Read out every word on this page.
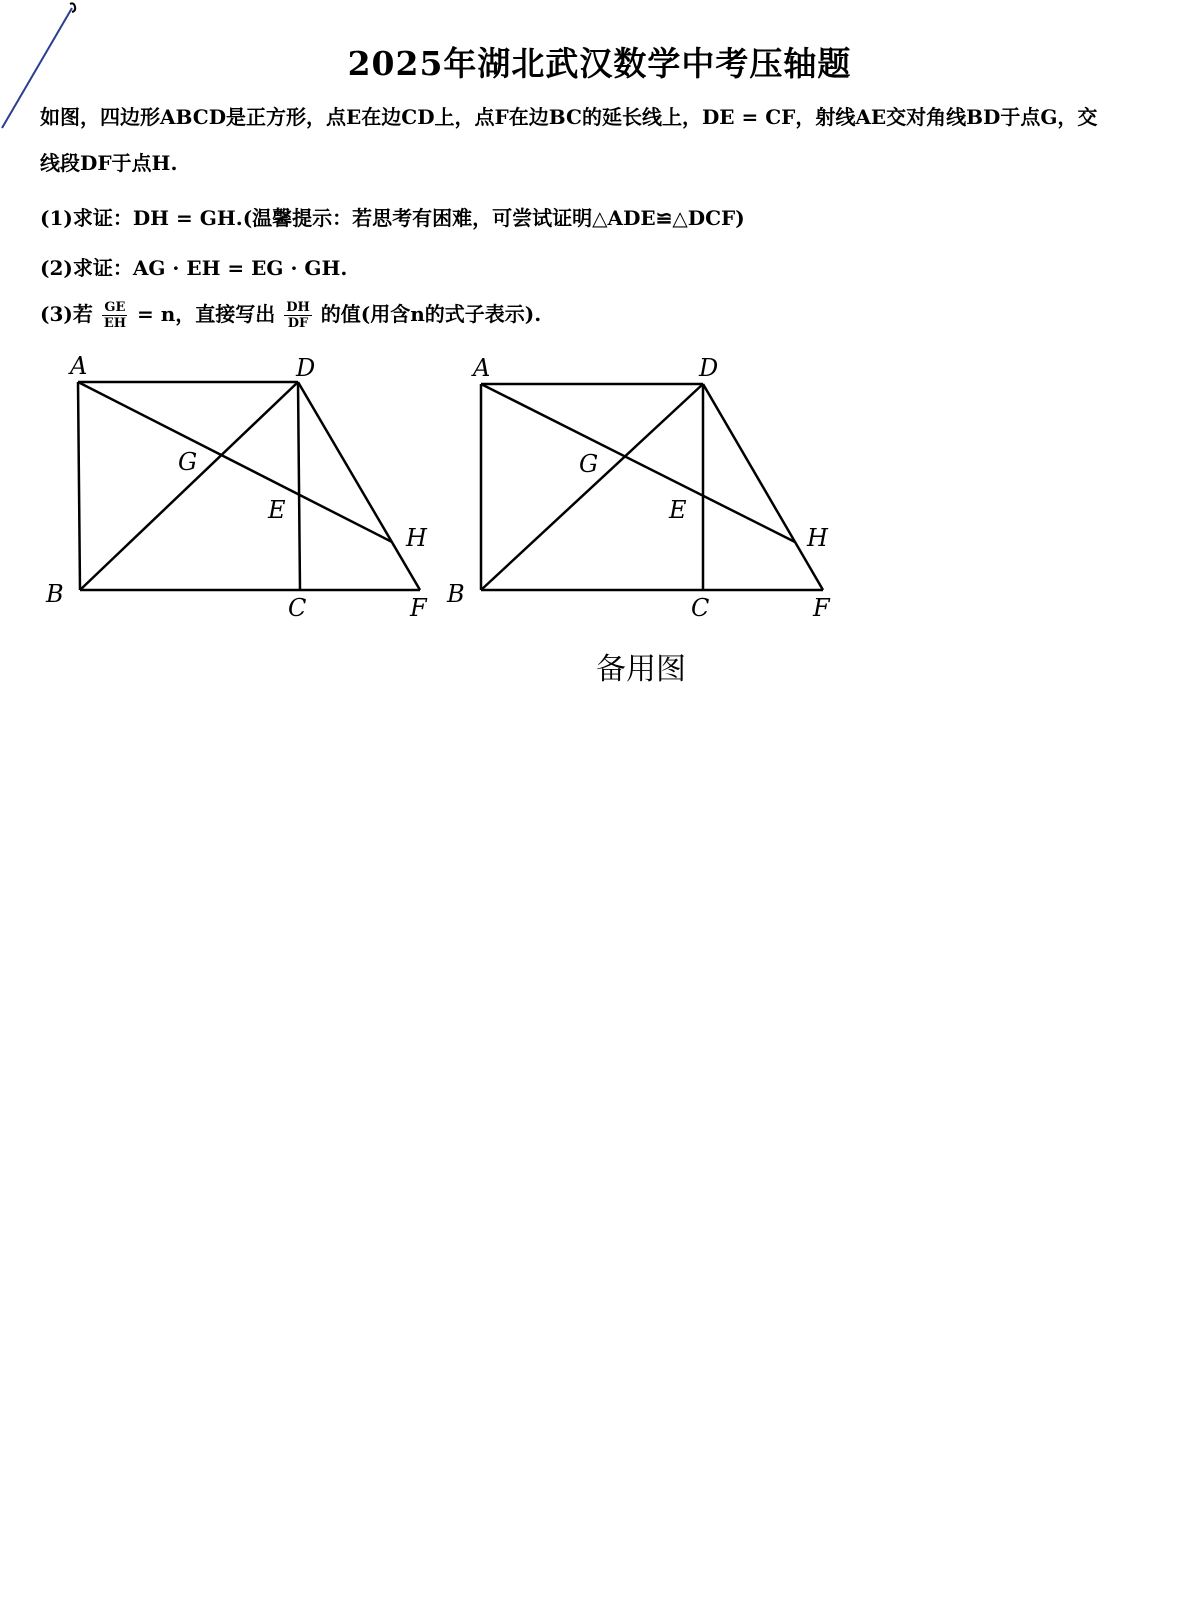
2025年湖北武汉数学中考压轴题
如图，四边形ABCD是正方形，点E在边CD上，点F在边BC的延长线上，DE = CF，射线AE交对角线BD于点G，交
线段DF于点H.
(1)求证：DH = GH.(温馨提示：若思考有困难，可尝试证明△ADE≌△DCF)
(2)求证：AG · EH = EG · GH.
(3)若 $\frac{GE}{EH} = n$，直接写出 $\frac{DH}{DF}$ 的值(用含n的式子表示).
A	D
G
E
H
B	C	F
A	D
G
E
H
B	C	F
备用图
